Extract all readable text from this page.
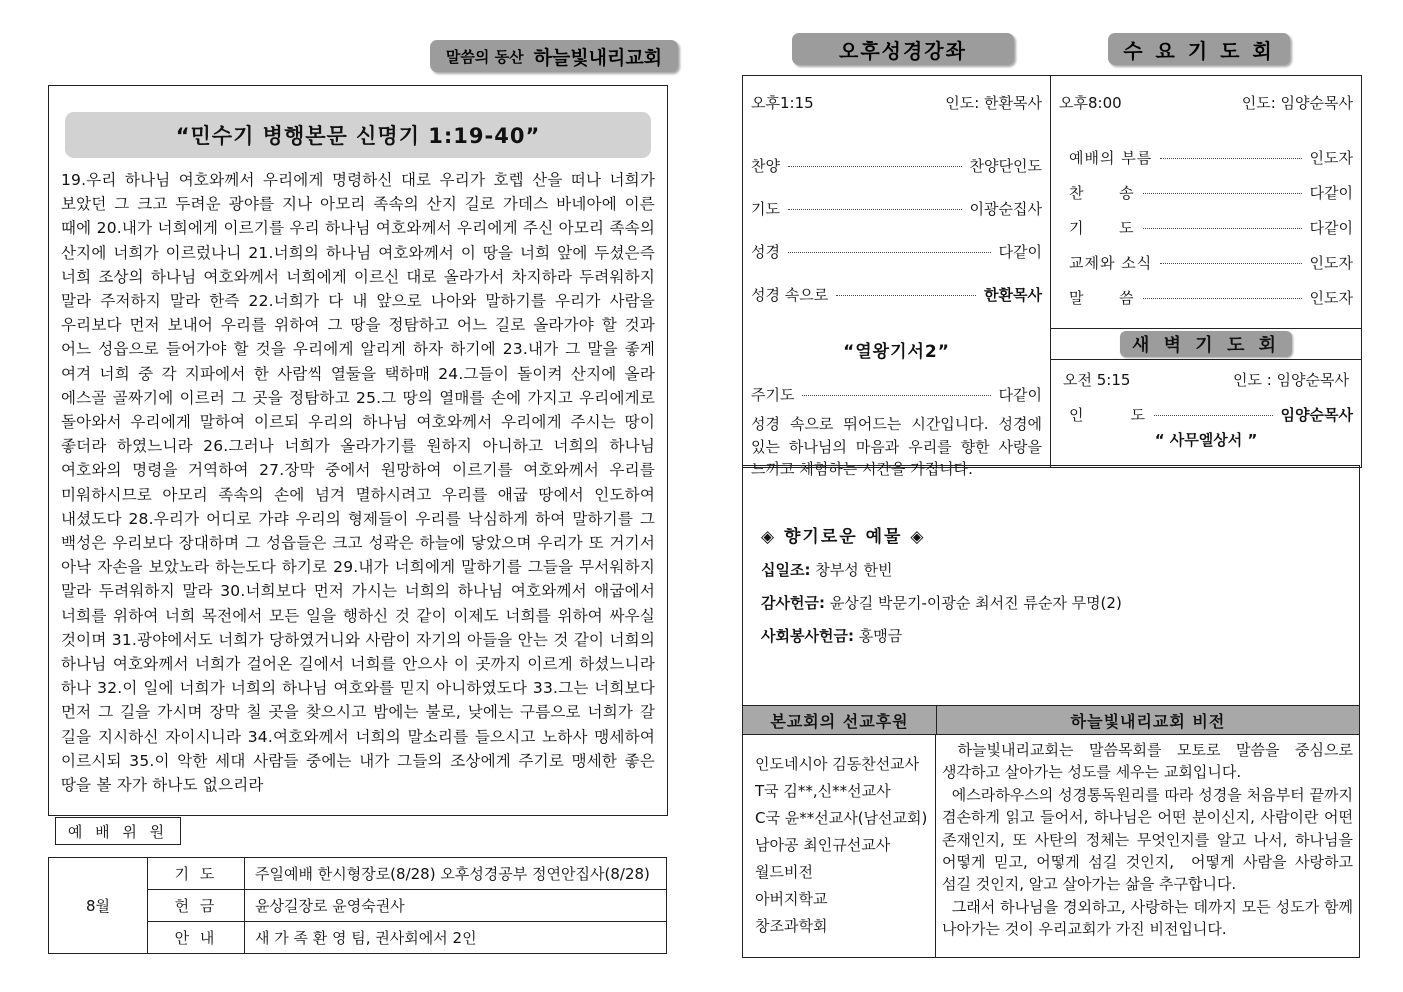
말씀의 동산 하늘빛내리교회
“민수기 병행본문 신명기 1:19-40”
19.우리 하나님 여호와께서 우리에게 명령하신 대로 우리가 호렙 산을 떠나 너희가 보았던 그 크고 두려운 광야를 지나 아모리 족속의 산지 길로 가데스 바네아에 이른 때에 20.내가 너희에게 이르기를 우리 하나님 여호와께서 우리에게 주신 아모리 족속의 산지에 너희가 이르렀나니 21.너희의 하나님 여호와께서 이 땅을 너희 앞에 두셨은즉 너희 조상의 하나님 여호와께서 너희에게 이르신 대로 올라가서 차지하라 두려워하지 말라 주저하지 말라 한즉 22.너희가 다 내 앞으로 나아와 말하기를 우리가 사람을 우리보다 먼저 보내어 우리를 위하여 그 땅을 정탐하고 어느 길로 올라가야 할 것과 어느 성읍으로 들어가야 할 것을 우리에게 알리게 하자 하기에 23.내가 그 말을 좋게 여겨 너희 중 각 지파에서 한 사람씩 열둘을 택하매 24.그들이 돌이켜 산지에 올라 에스골 골짜기에 이르러 그 곳을 정탐하고 25.그 땅의 열매를 손에 가지고 우리에게로 돌아와서 우리에게 말하여 이르되 우리의 하나님 여호와께서 우리에게 주시는 땅이 좋더라 하였느니라 26.그러나 너희가 올라가기를 원하지 아니하고 너희의 하나님 여호와의 명령을 거역하여 27.장막 중에서 원망하여 이르기를 여호와께서 우리를 미워하시므로 아모리 족속의 손에 넘겨 멸하시려고 우리를 애굽 땅에서 인도하여 내셨도다 28.우리가 어디로 가랴 우리의 형제들이 우리를 낙심하게 하여 말하기를 그 백성은 우리보다 장대하며 그 성읍들은 크고 성곽은 하늘에 닿았으며 우리가 또 거기서 아낙 자손을 보았노라 하는도다 하기로 29.내가 너희에게 말하기를 그들을 무서워하지 말라 두려워하지 말라 30.너희보다 먼저 가시는 너희의 하나님 여호와께서 애굽에서 너희를 위하여 너희 목전에서 모든 일을 행하신 것 같이 이제도 너희를 위하여 싸우실 것이며 31.광야에서도 너희가 당하였거니와 사람이 자기의 아들을 안는 것 같이 너희의 하나님 여호와께서 너희가 걸어온 길에서 너희를 안으사 이 곳까지 이르게 하셨느니라 하나 32.이 일에 너희가 너희의 하나님 여호와를 믿지 아니하였도다 33.그는 너희보다 먼저 그 길을 가시며 장막 칠 곳을 찾으시고 밤에는 불로, 낮에는 구름으로 너희가 갈 길을 지시하신 자이시니라 34.여호와께서 너희의 말소리를 들으시고 노하사 맹세하여 이르시되 35.이 악한 세대 사람들 중에는 내가 그들의 조상에게 주기로 맹세한 좋은 땅을 볼 자가 하나도 없으리라
예 배 위 원
8월	기 도	주일예배 한시형장로(8/28) 오후성경공부 정연안집사(8/28)
	헌 금	윤상길장로 윤영숙권사
	안 내	새 가 족 환 영 팀, 권사회에서 2인
오후성경강좌	수 요 기 도 회
오후1:15	인도: 한환목사
찬양	찬양단인도
기도	이광순집사
성경	다같이
성경 속으로	한환목사
“열왕기서2”
주기도	다같이
성경 속으로 뛰어드는 시간입니다. 성경에 있는 하나님의 마음과 우리를 향한 사랑을 느끼고 체험하는 시간을 가집니다.
오후8:00	인도: 임양순목사
예배의 부름	인도자
찬      송	다같이
기      도	다같이
교제와 소식	인도자
말      씀	인도자
새 벽 기 도 회
오전 5:15	인도 : 임양순목사
인        도	임양순목사
“ 사무엘상서 ”
◈ 향기로운 예물 ◈
십일조: 창부성 한빈
감사헌금: 윤상길 박문기-이광순 최서진 류순자 무명(2)
사회봉사헌금: 홍맹금
본교회의 선교후원	하늘빛내리교회 비전
인도네시아 김동찬선교사
T국 김**,신**선교사
C국 윤**선교사(남선교회)
남아공 최인규선교사
월드비전
아버지학교
창조과학회

하늘빛내리교회는 말씀목회를 모토로 말씀을 중심으로 생각하고 살아가는 성도를 세우는 교회입니다.

에스라하우스의 성경통독원리를 따라 성경을 처음부터 끝까지 겸손하게 읽고 들어서, 하나님은 어떤 분이신지, 사람이란 어떤 존재인지, 또 사탄의 정체는 무엇인지를 알고 나서, 하나님을 어떻게 믿고, 어떻게 섬길 것인지,  어떻게 사람을 사랑하고 섬길 것인지, 알고 살아가는 삶을 추구합니다.

그래서 하나님을 경외하고, 사랑하는 데까지 모든 성도가 함께 나아가는 것이 우리교회가 가진 비전입니다.
